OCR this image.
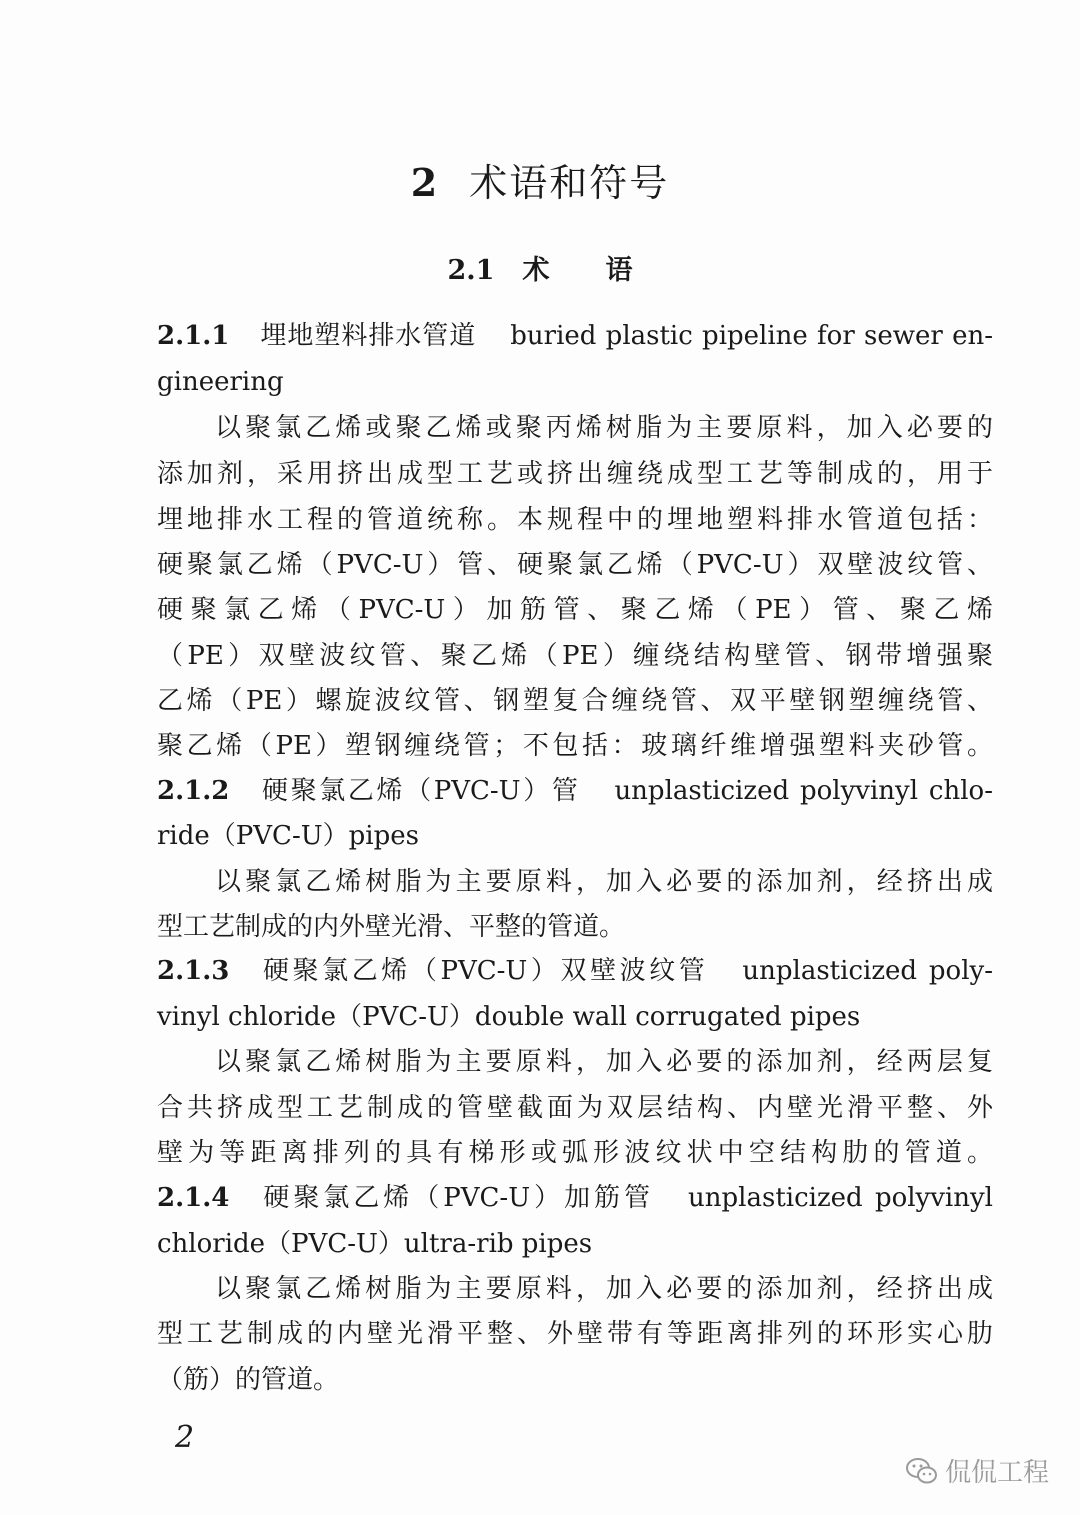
2 术语和符号
2.1 术 语
2.1.1 埋地塑料排水管道 buried plastic pipeline for sewer en-
gineering
以聚氯乙烯或聚乙烯或聚丙烯树脂为主要原料，加入必要的
添加剂，采用挤出成型工艺或挤出缠绕成型工艺等制成的，用于
埋地排水工程的管道统称。本规程中的埋地塑料排水管道包括：
硬聚氯乙烯（PVC-U）管、硬聚氯乙烯（PVC-U）双壁波纹管、
硬聚氯乙烯（PVC-U）加筋管、聚乙烯（PE）管、聚乙烯
（PE）双壁波纹管、聚乙烯（PE）缠绕结构壁管、钢带增强聚
乙烯（PE）螺旋波纹管、钢塑复合缠绕管、双平壁钢塑缠绕管、
聚乙烯（PE）塑钢缠绕管；不包括：玻璃纤维增强塑料夹砂管。
2.1.2 硬聚氯乙烯（PVC-U）管 unplasticized polyvinyl chlo-
ride（PVC-U）pipes
以聚氯乙烯树脂为主要原料，加入必要的添加剂，经挤出成
型工艺制成的内外壁光滑、平整的管道。
2.1.3 硬聚氯乙烯（PVC-U）双壁波纹管 unplasticized poly-
vinyl chloride（PVC-U）double wall corrugated pipes
以聚氯乙烯树脂为主要原料，加入必要的添加剂，经两层复
合共挤成型工艺制成的管壁截面为双层结构、内壁光滑平整、外
壁为等距离排列的具有梯形或弧形波纹状中空结构肋的管道。
2.1.4 硬聚氯乙烯（PVC-U）加筋管 unplasticized polyvinyl
chloride（PVC-U）ultra-rib pipes
以聚氯乙烯树脂为主要原料，加入必要的添加剂，经挤出成
型工艺制成的内壁光滑平整、外壁带有等距离排列的环形实心肋
（筋）的管道。
2
侃侃工程
